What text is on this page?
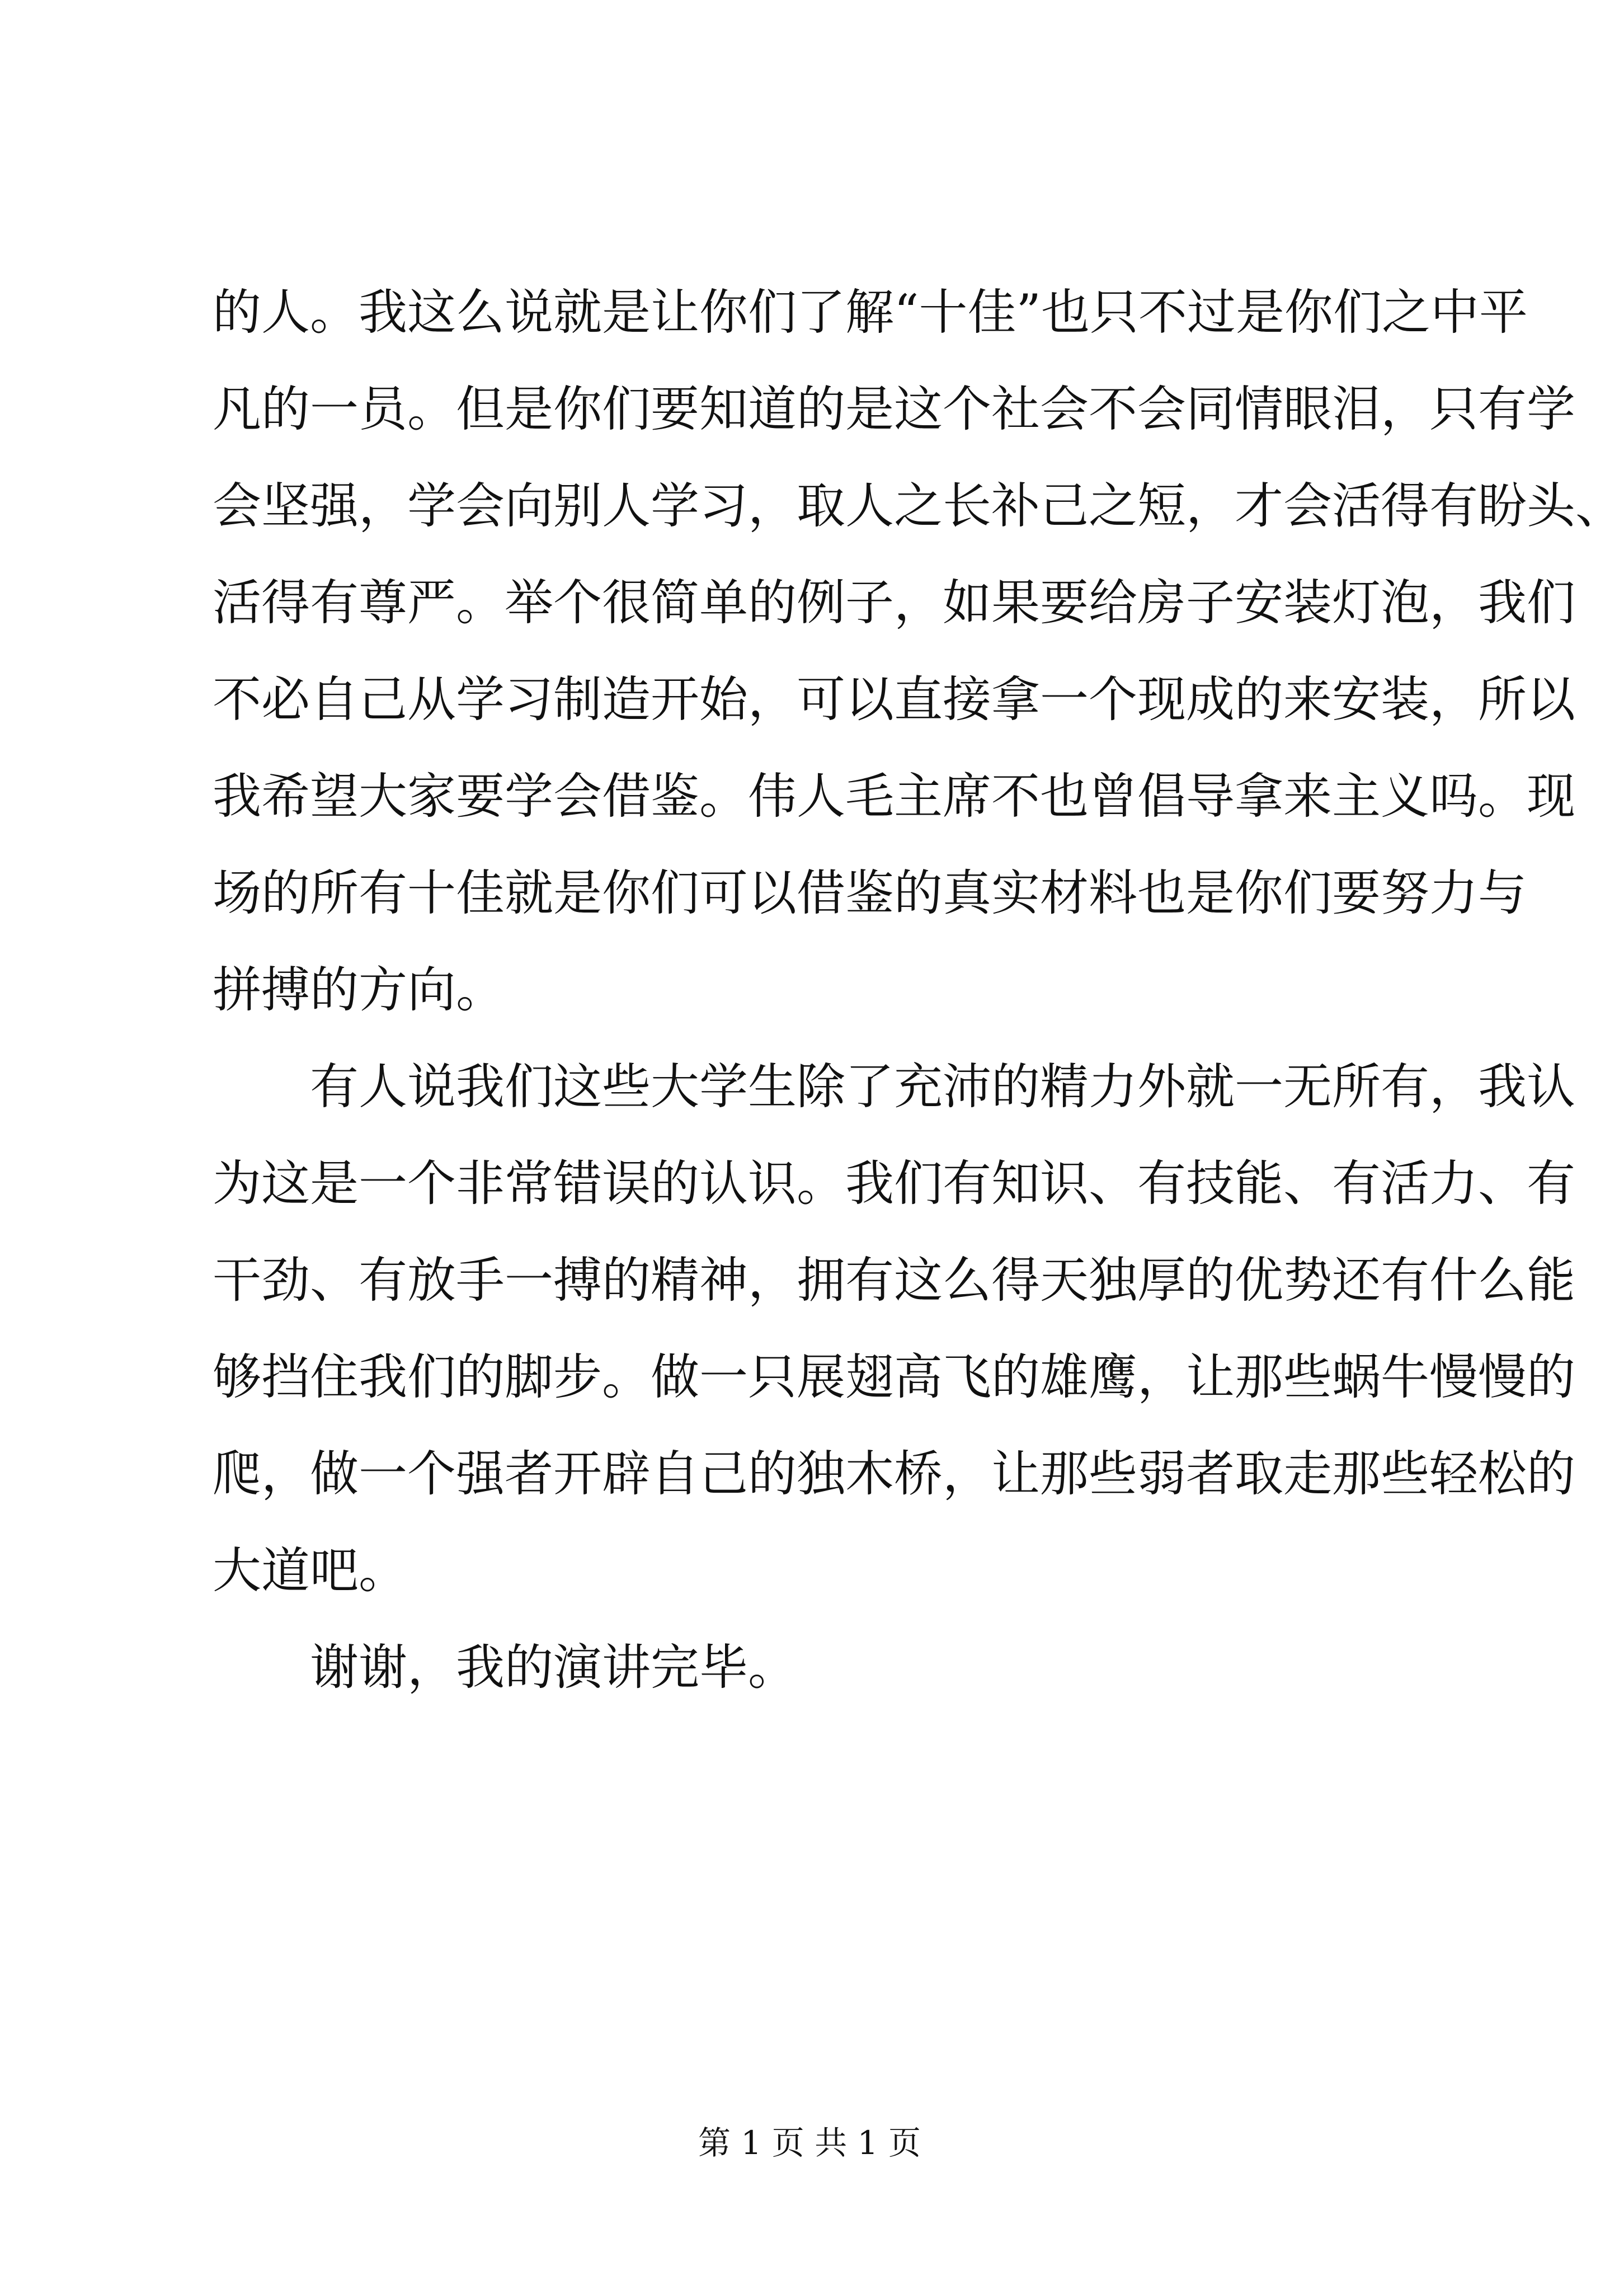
的人。我这么说就是让你们了解“十佳”也只不过是你们之中平
凡的一员。但是你们要知道的是这个社会不会同情眼泪，只有学
会坚强，学会向别人学习，取人之长补己之短，才会活得有盼头、
活得有尊严。举个很简单的例子，如果要给房子安装灯泡，我们
不必自己从学习制造开始，可以直接拿一个现成的来安装，所以
我希望大家要学会借鉴。伟人毛主席不也曾倡导拿来主义吗。现
场的所有十佳就是你们可以借鉴的真实材料也是你们要努力与
拼搏的方向。
有人说我们这些大学生除了充沛的精力外就一无所有，我认
为这是一个非常错误的认识。我们有知识、有技能、有活力、有
干劲、有放手一搏的精神，拥有这么得天独厚的优势还有什么能
够挡住我们的脚步。做一只展翅高飞的雄鹰，让那些蜗牛慢慢的
爬，做一个强者开辟自己的独木桥，让那些弱者取走那些轻松的
大道吧。
谢谢，我的演讲完毕。
第 1 页 共 1 页
